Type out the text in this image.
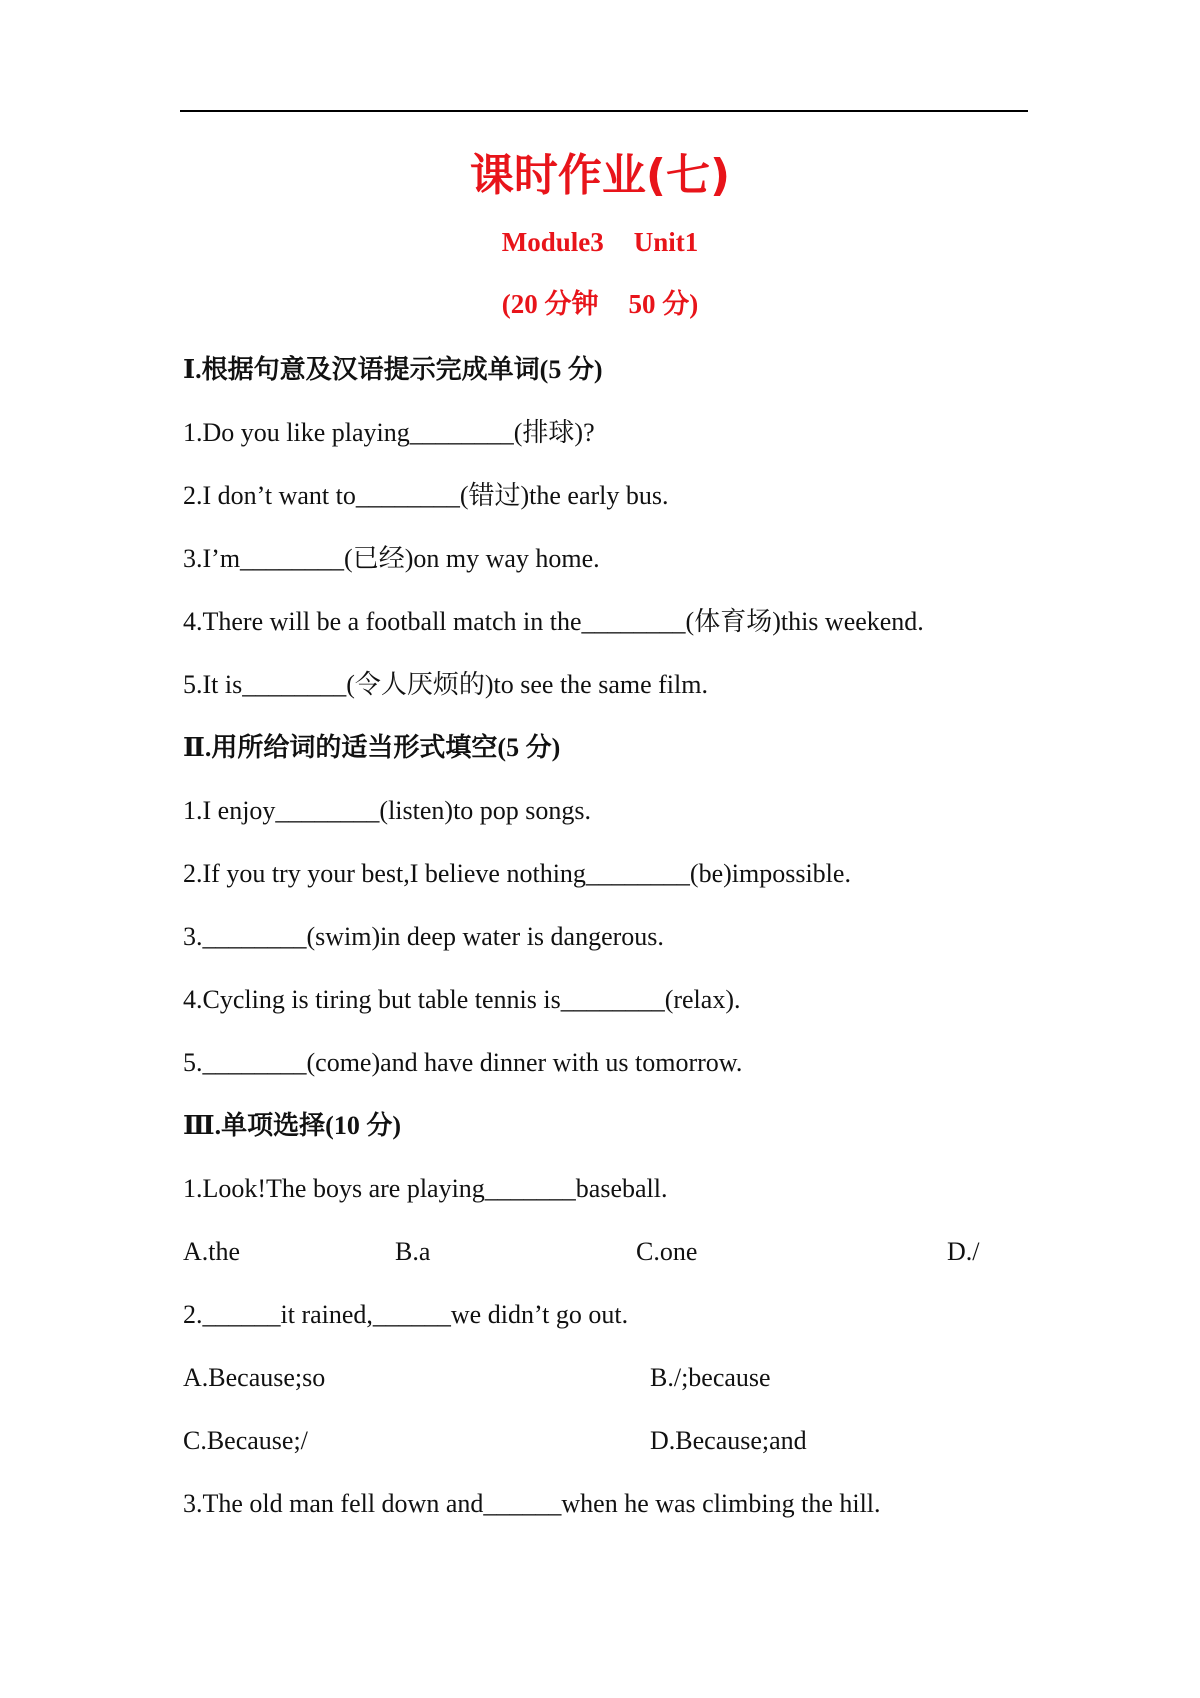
课时作业(七)
Module3 Unit1
(20 分钟 50 分)
Ⅰ.根据句意及汉语提示完成单词(5 分)
1.Do you like playing________(排球)?
2.I don’t want to________(错过)the early bus.
3.I’m________(已经)on my way home.
4.There will be a football match in the________(体育场)this weekend.
5.It is________(令人厌烦的)to see the same film.
Ⅱ.用所给词的适当形式填空(5 分)
1.I enjoy________(listen)to pop songs.
2.If you try your best,I believe nothing________(be)impossible.
3.________(swim)in deep water is dangerous.
4.Cycling is tiring but table tennis is________(relax).
5.________(come)and have dinner with us tomorrow.
Ⅲ.单项选择(10 分)
1.Look!The boys are playing_______baseball.
A.the	B.a	C.one	D./
2.______it rained,______we didn’t go out.
A.Because;so	B./;because
C.Because;/	D.Because;and
3.The old man fell down and______when he was climbing the hill.
